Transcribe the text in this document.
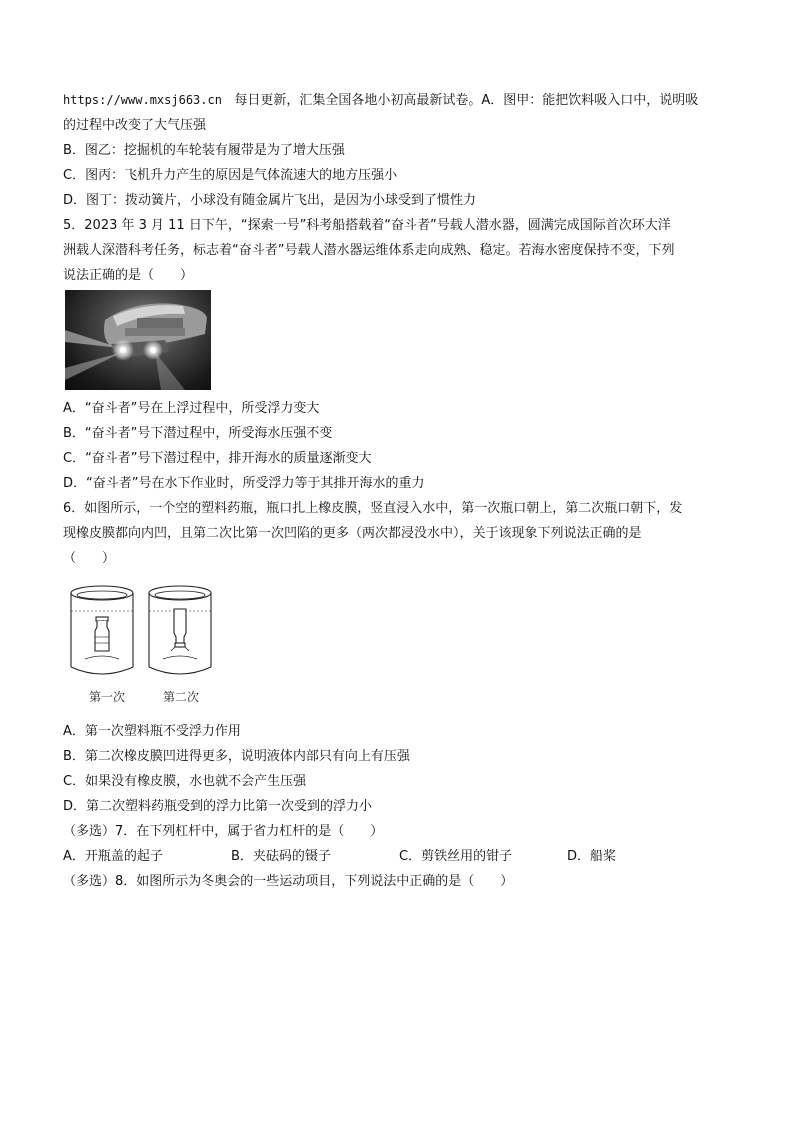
https://www.mxsj663.cn 每日更新，汇集全国各地小初高最新试卷。A．图甲：能把饮料吸入口中，说明吸
的过程中改变了大气压强
B．图乙：挖掘机的车轮装有履带是为了增大压强
C．图丙：飞机升力产生的原因是气体流速大的地方压强小
D．图丁：拨动簧片，小球没有随金属片飞出，是因为小球受到了惯性力
5．2023 年 3 月 11 日下午，“探索一号”科考船搭载着“奋斗者”号载人潜水器，圆满完成国际首次环大洋
洲载人深潜科考任务，标志着“奋斗者”号载人潜水器运维体系走向成熟、稳定。若海水密度保持不变，下列
说法正确的是（　　）
A．“奋斗者”号在上浮过程中，所受浮力变大
B．“奋斗者”号下潜过程中，所受海水压强不变
C．“奋斗者”号下潜过程中，排开海水的质量逐渐变大
D．“奋斗者”号在水下作业时，所受浮力等于其排开海水的重力
6．如图所示，一个空的塑料药瓶，瓶口扎上橡皮膜，竖直浸入水中，第一次瓶口朝上，第二次瓶口朝下，发
现橡皮膜都向内凹，且第二次比第一次凹陷的更多（两次都浸没水中），关于该现象下列说法正确的是
（　　）
第一次	第二次
A．第一次塑料瓶不受浮力作用
B．第二次橡皮膜凹进得更多，说明液体内部只有向上有压强
C．如果没有橡皮膜，水也就不会产生压强
D．第二次塑料药瓶受到的浮力比第一次受到的浮力小
（多选）7．在下列杠杆中，属于省力杠杆的是（　　）
A．开瓶盖的起子	B．夹砝码的镊子	C．剪铁丝用的钳子	D．船桨
（多选）8．如图所示为冬奥会的一些运动项目，下列说法中正确的是（　　）
